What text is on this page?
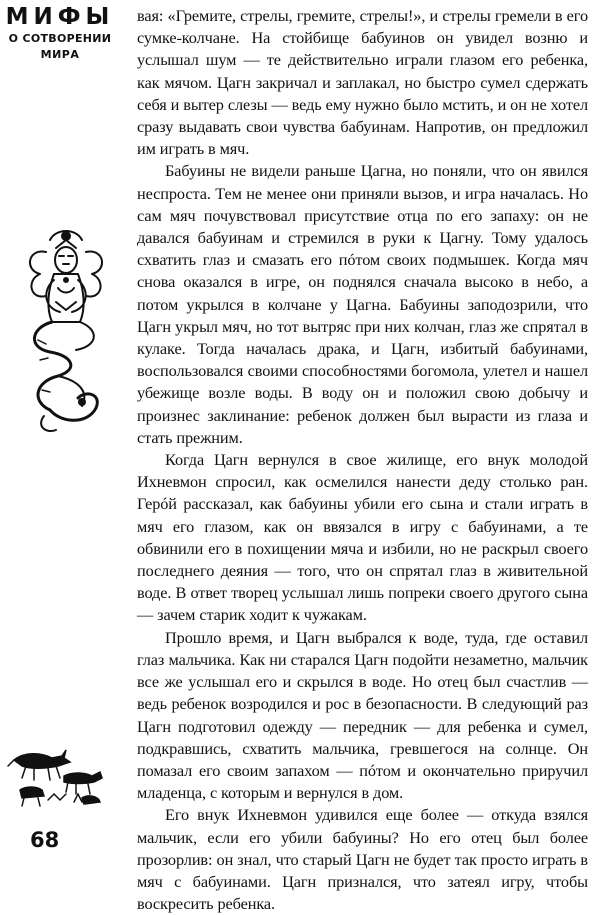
МИФЫ
О СОТВОРЕНИИ
МИРА
68

вая: «Гремите, стрелы, гремите, стрелы!», и стрелы гремели в его сумке-колчане. На стойбище бабуинов он увидел возню и услышал шум — те действительно играли глазом его ребенка, как мячом. Цагн закричал и заплакал, но быстро сумел сдержать себя и вытер слезы — ведь ему нужно было мстить, и он не хотел сразу выдавать свои чувства бабуинам. Напротив, он предложил им играть в мяч.

Бабуины не видели раньше Цагна, но поняли, что он явился неспроста. Тем не менее они приняли вызов, и игра началась. Но сам мяч почувствовал присутствие отца по его запаху: он не давался бабуинам и стремился в руки к Цагну. Тому удалось схватить глаз и смазать его пóтом своих подмышек. Когда мяч снова оказался в игре, он поднялся сначала высоко в небо, а потом укрылся в колчане у Цагна. Бабуины заподозрили, что Цагн укрыл мяч, но тот вытряс при них колчан, глаз же спрятал в кулаке. Тогда началась драка, и Цагн, избитый бабуинами, воспользовался своими способностями богомола, улетел и нашел убежище возле воды. В воду он и положил свою добычу и произнес заклинание: ребенок должен был вырасти из глаза и стать прежним.

Когда Цагн вернулся в свое жилище, его внук молодой Ихневмон спросил, как осмелился нанести деду столько ран. Герóй рассказал, как бабуины убили его сына и стали играть в мяч его глазом, как он ввязался в игру с бабуинами, а те обвинили его в похищении мяча и избили, но не раскрыл своего последнего деяния — того, что он спрятал глаз в живительной воде. В ответ творец услышал лишь попреки своего другого сына — зачем старик ходит к чужакам.

Прошло время, и Цагн выбрался к воде, туда, где оставил глаз мальчика. Как ни старался Цагн подойти незаметно, мальчик все же услышал его и скрылся в воде. Но отец был счастлив — ведь ребенок возродился и рос в безопасности. В следующий раз Цагн подготовил одежду — передник — для ребенка и сумел, подкравшись, схватить мальчика, гревшегося на солнце. Он помазал его своим запахом — пóтом и окончательно приручил младенца, с которым и вернулся в дом.

Его внук Ихневмон удивился еще более — откуда взялся мальчик, если его убили бабуины? Но его отец был более прозорлив: он знал, что старый Цагн не будет так просто играть в мяч с бабуинами. Цагн признался, что затеял игру, чтобы воскресить ребенка.
